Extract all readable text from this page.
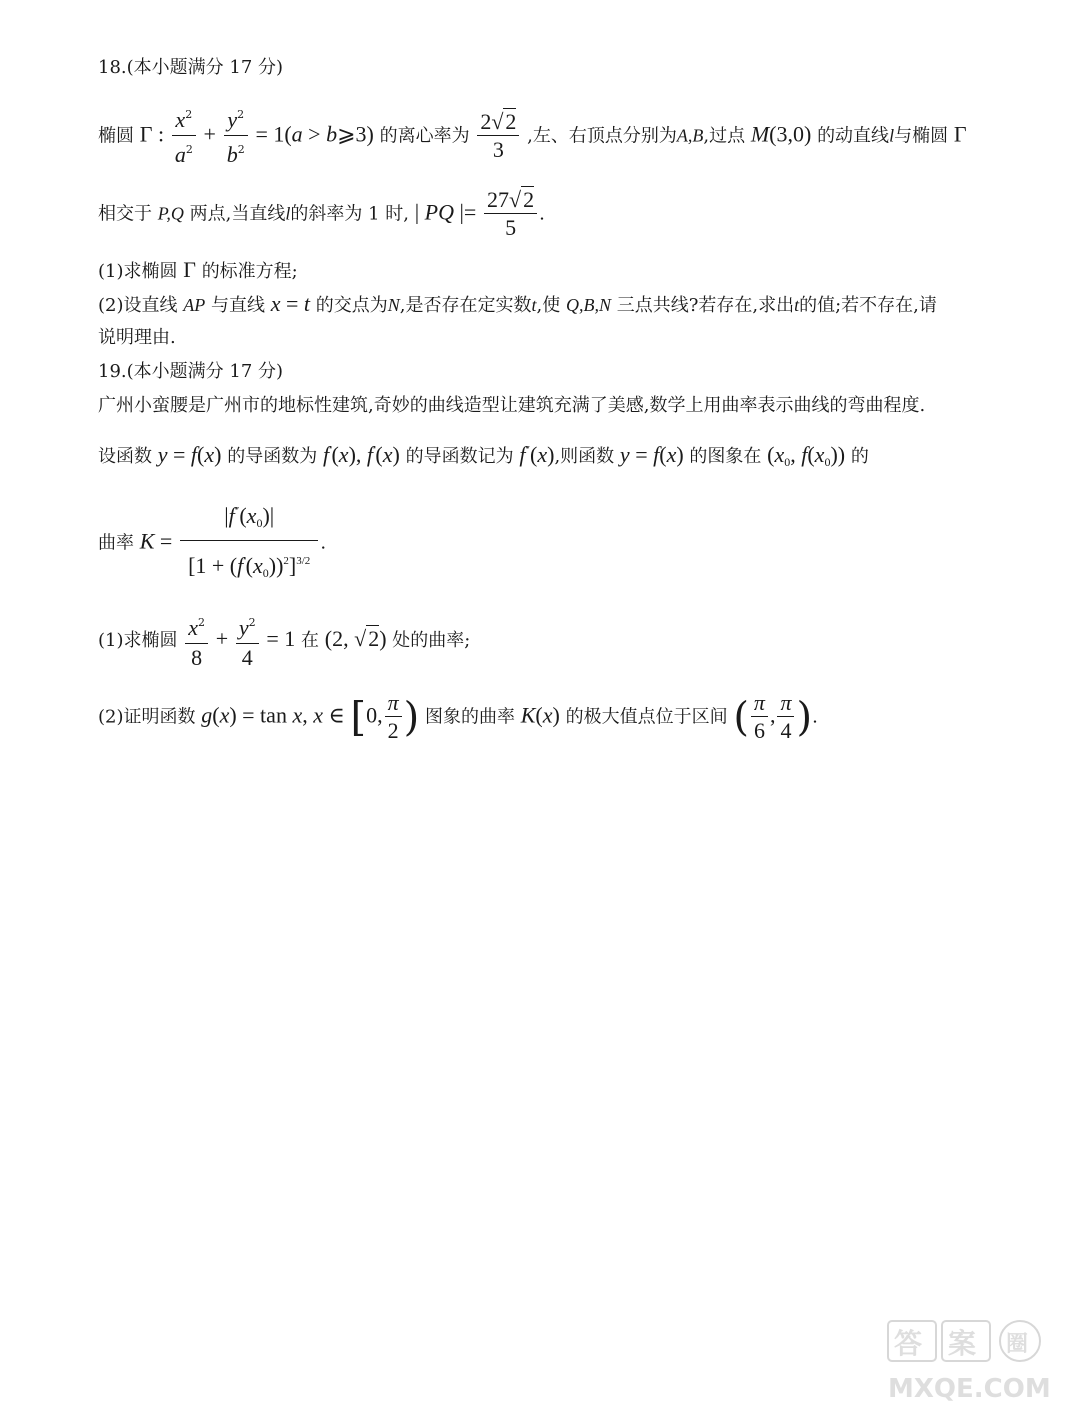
18.(本小题满分 17 分)
椭圆 Γ : $\frac{x^2}{a^2} + \frac{y^2}{b^2} = 1(a$ > b⩾3) 的离心率为 $\frac{2√2}{3}$ ,左、右顶点分别为A,B,过点 M(3,0) 的动直线l与椭圆 Γ
相交于 P,Q 两点,当直线l的斜率为 1 时, | PQ |= $\frac{27√2}{5}$ .
(1)求椭圆 Γ 的标准方程;
(2)设直线 AP 与直线 x = t 的交点为N,是否存在定实数t,使 Q,B,N 三点共线?若存在,求出t的值;若不存在,请
说明理由.
19.(本小题满分 17 分)
广州小蛮腰是广州市的地标性建筑,奇妙的曲线造型让建筑充满了美感,数学上用曲率表示曲线的弯曲程度.
设函数 y = f(x) 的导函数为 f′(x), f′(x) 的导函数记为 f″(x),则函数 y = f(x) 的图象在 ($x_0$, $f(x_0)$) 的
曲率 $K = \frac{|f''(x_0)|}{[1 + (f'(x_0))^2]^{3/2}}$ .
(1)求椭圆 $\frac{x^2}{8} + \frac{y^2}{4} = 1$ 在 (2, √2) 处的曲率;
(2)证明函数 g(x) = tan x, x ∈ [0, $\frac{\pi}{2}$ ) 图象的曲率 K(x) 的极大值点位于区间 ( $\frac{\pi}{6}$ , $\frac{\pi}{4}$ ).
答 案 圈
MXQE.COM
